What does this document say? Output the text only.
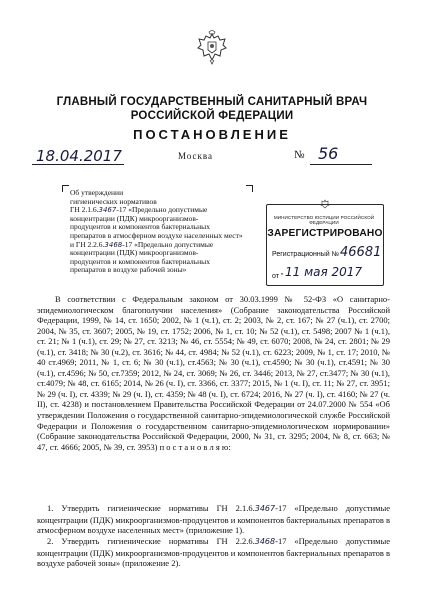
ГЛАВНЫЙ ГОСУДАРСТВЕННЫЙ САНИТАРНЫЙ ВРАЧ
РОССИЙСКОЙ ФЕДЕРАЦИИ
ПОСТАНОВЛЕНИЕ
18.04.2017	Москва	№ 56
Об утверждении
гигиенических нормативов
ГН 2.1.6.3467-17 «Предельно допустимые
концентрации (ПДК) микроорганизмов-
продуцентов и компонентов бактериальных
препаратов в атмосферном воздухе населенных мест»
и ГН 2.2.6.3468-17 «Предельно допустимые
концентрации (ПДК) микроорганизмов-
продуцентов и компонентов бактериальных
препаратов в воздухе рабочей зоны»
МИНИСТЕРСТВО ЮСТИЦИИ РОССИЙСКОЙ ФЕДЕРАЦИИ
ЗАРЕГИСТРИРОВАНО
Регистрационный № 46681
от " 11 мая 2017
В соответствии с Федеральным законом от 30.03.1999 № 52-ФЗ «О санитарно-эпидемиологическом благополучии населения» (Собрание законодательства Российской Федерации, 1999, № 14, ст. 1650; 2002, № 1 (ч.1), ст. 2; 2003, № 2, ст. 167; № 27 (ч.1), ст. 2700; 2004, № 35, ст. 3607; 2005, № 19, ст. 1752; 2006, № 1, ст. 10; № 52 (ч.1), ст. 5498; 2007 № 1 (ч.1), ст. 21; № 1 (ч.1), ст. 29; № 27, ст. 3213; № 46, ст. 5554; № 49, ст. 6070; 2008, № 24, ст. 2801; № 29 (ч.1), ст. 3418; № 30 (ч.2), ст. 3616; № 44, ст. 4984; № 52 (ч.1), ст. 6223; 2009, № 1, ст. 17; 2010, № 40 ст.4969; 2011, № 1, ст. 6; № 30 (ч.1), ст.4563; № 30 (ч.1), ст.4590; № 30 (ч.1), ст.4591; № 30 (ч.1), ст.4596; № 50, ст.7359; 2012, № 24, ст. 3069; № 26, ст. 3446; 2013, № 27, ст.3477; № 30 (ч.1), ст.4079; № 48, ст. 6165; 2014, № 26 (ч. I), ст. 3366, ст. 3377; 2015, № 1 (ч. I), ст. 11; № 27, ст. 3951; № 29 (ч. I), ст. 4339; № 29 (ч. I), ст. 4359; № 48 (ч. I), ст. 6724; 2016, № 27 (ч. I), ст. 4160; № 27 (ч. II), ст. 4238) и постановлением Правительства Российской Федерации от 24.07.2000 № 554 «Об утверждении Положения о государственной санитарно-эпидемиологической службе Российской Федерации и Положения о государственном санитарно-эпидемиологическом нормировании» (Собрание законодательства Российской Федерации, 2000, № 31, ст. 3295; 2004, № 8, ст. 663; № 47, ст. 4666; 2005, № 39, ст. 3953) п о с т а н о в л я ю:
1. Утвердить гигиенические нормативы ГН 2.1.6.3467-17 «Предельно допустимые концентрации (ПДК) микроорганизмов-продуцентов и компонентов бактериальных препаратов в атмосферном воздухе населенных мест» (приложение 1).
2. Утвердить гигиенические нормативы ГН 2.2.6.3468-17 «Предельно допустимые концентрации (ПДК) микроорганизмов-продуцентов и компонентов бактериальных препаратов в воздухе рабочей зоны» (приложение 2).
